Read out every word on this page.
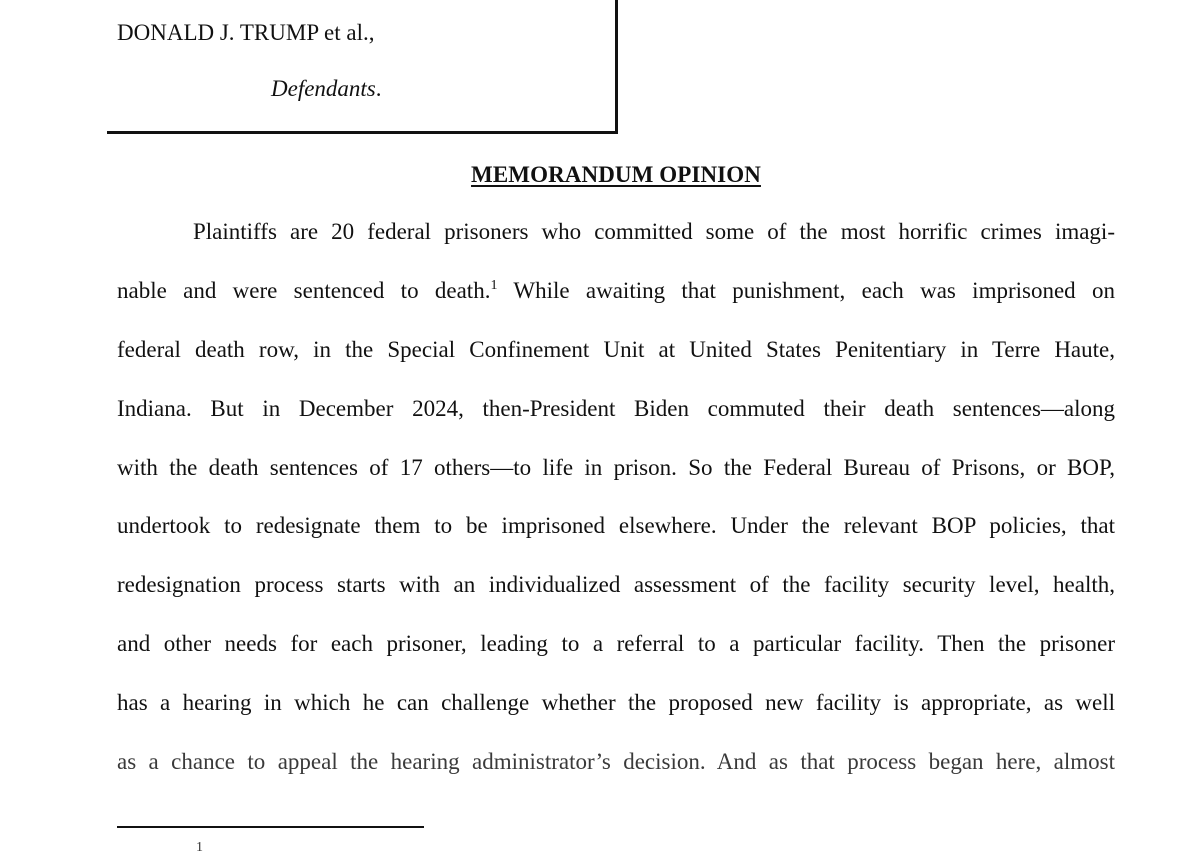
DONALD J. TRUMP et al.,
Defendants.
MEMORANDUM OPINION
Plaintiffs are 20 federal prisoners who committed some of the most horrific crimes imagi-
nable and were sentenced to death.$^1$ While awaiting that punishment, each was imprisoned on
federal death row, in the Special Confinement Unit at United States Penitentiary in Terre Haute,
Indiana. But in December 2024, then-President Biden commuted their death sentences—along
with the death sentences of 17 others—to life in prison. So the Federal Bureau of Prisons, or BOP,
undertook to redesignate them to be imprisoned elsewhere. Under the relevant BOP policies, that
redesignation process starts with an individualized assessment of the facility security level, health,
and other needs for each prisoner, leading to a referral to a particular facility. Then the prisoner
has a hearing in which he can challenge whether the proposed new facility is appropriate, as well
as a chance to appeal the hearing administrator’s decision. And as that process began here, almost
1
